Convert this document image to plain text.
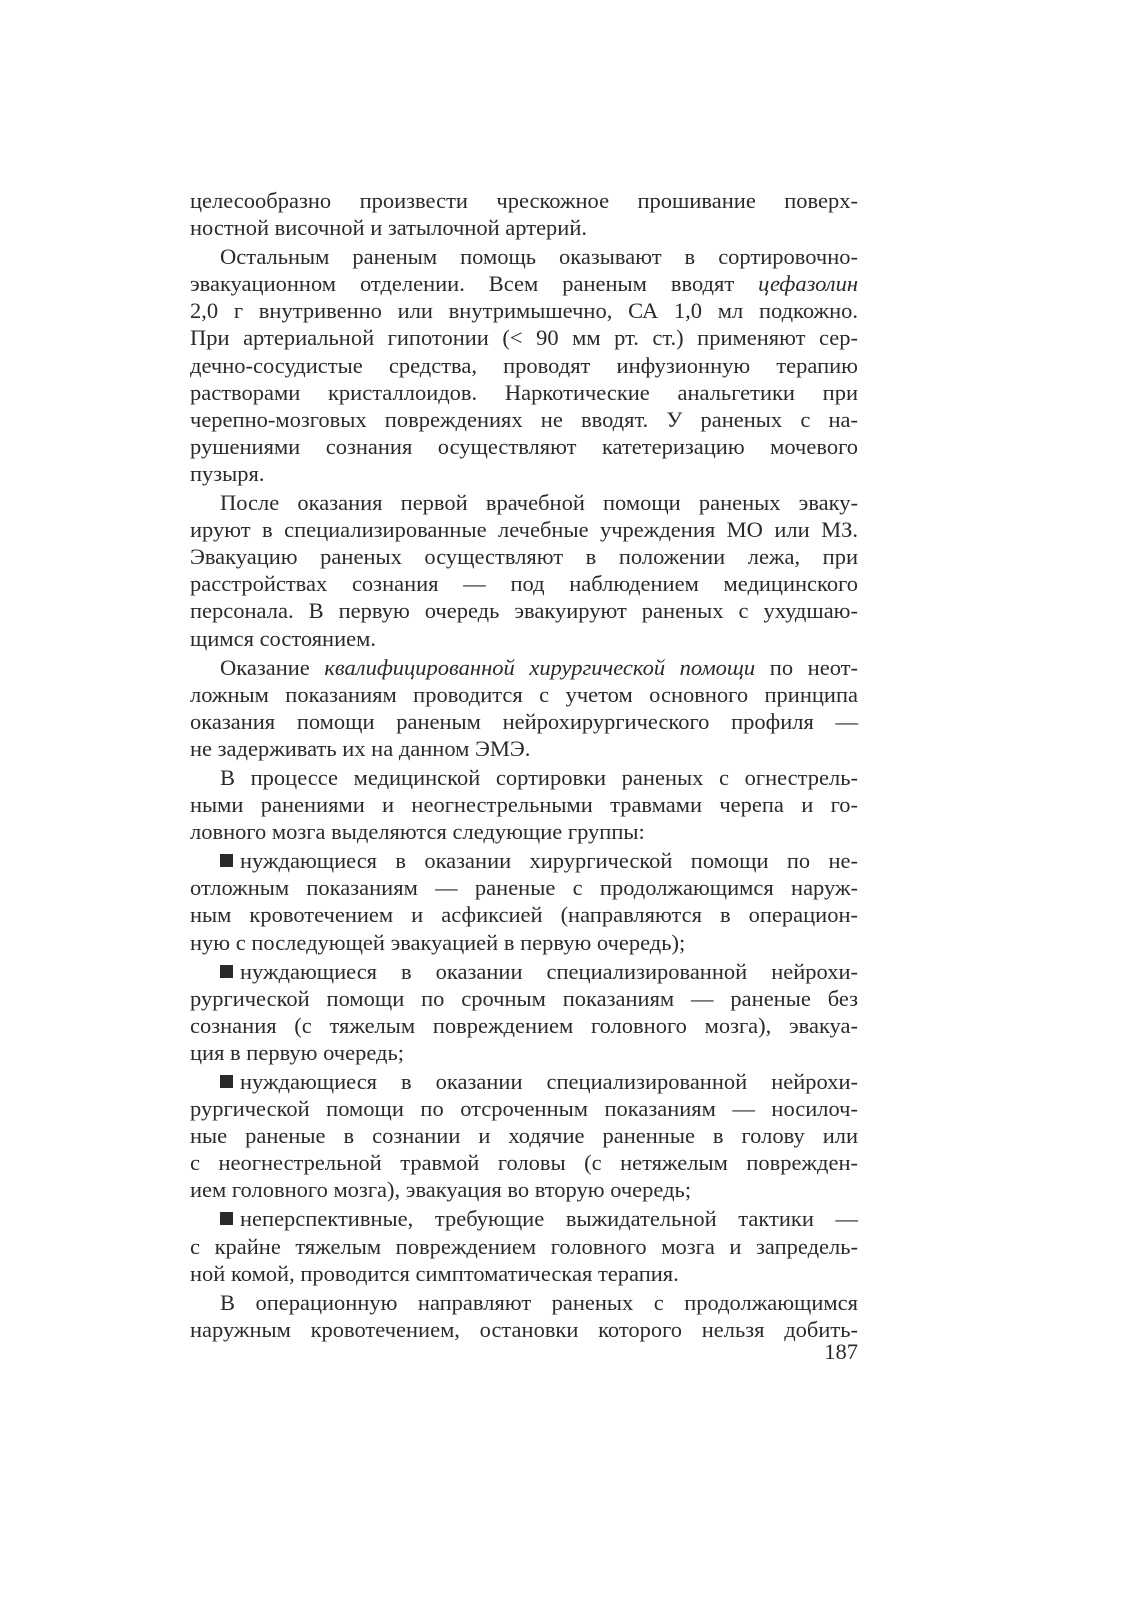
целесообразно произвести чрескожное прошивание поверх-
ностной височной и затылочной артерий.

Остальным раненым помощь оказывают в сортировочно-
эвакуационном отделении. Всем раненым вводят цефазолин
2,0 г внутривенно или внутримышечно, СА 1,0 мл подкожно.
При артериальной гипотонии (< 90 мм рт. ст.) применяют сер-
дечно-сосудистые средства, проводят инфузионную терапию
растворами кристаллоидов. Наркотические анальгетики при
черепно-мозговых повреждениях не вводят. У раненых с на-
рушениями сознания осуществляют катетеризацию мочевого
пузыря.

После оказания первой врачебной помощи раненых эваку-
ируют в специализированные лечебные учреждения МО или МЗ.
Эвакуацию раненых осуществляют в положении лежа, при
расстройствах сознания — под наблюдением медицинского
персонала. В первую очередь эвакуируют раненых с ухудшаю-
щимся состоянием.

Оказание квалифицированной хирургической помощи по неот-
ложным показаниям проводится с учетом основного принципа
оказания помощи раненым нейрохирургического профиля —
не задерживать их на данном ЭМЭ.

В процессе медицинской сортировки раненых с огнестрель-
ными ранениями и неогнестрельными травмами черепа и го-
ловного мозга выделяются следующие группы:

нуждающиеся в оказании хирургической помощи по не-
отложным показаниям — раненые с продолжающимся наруж-
ным кровотечением и асфиксией (направляются в операцион-
ную с последующей эвакуацией в первую очередь);

нуждающиеся в оказании специализированной нейрохи-
рургической помощи по срочным показаниям — раненые без
сознания (с тяжелым повреждением головного мозга), эвакуа-
ция в первую очередь;

нуждающиеся в оказании специализированной нейрохи-
рургической помощи по отсроченным показаниям — носилоч-
ные раненые в сознании и ходячие раненные в голову или
с неогнестрельной травмой головы (с нетяжелым поврежден-
ием головного мозга), эвакуация во вторую очередь;

неперспективные, требующие выжидательной тактики —
с крайне тяжелым повреждением головного мозга и запредель-
ной комой, проводится симптоматическая терапия.

В операционную направляют раненых с продолжающимся
наружным кровотечением, остановки которого нельзя добить-

187
